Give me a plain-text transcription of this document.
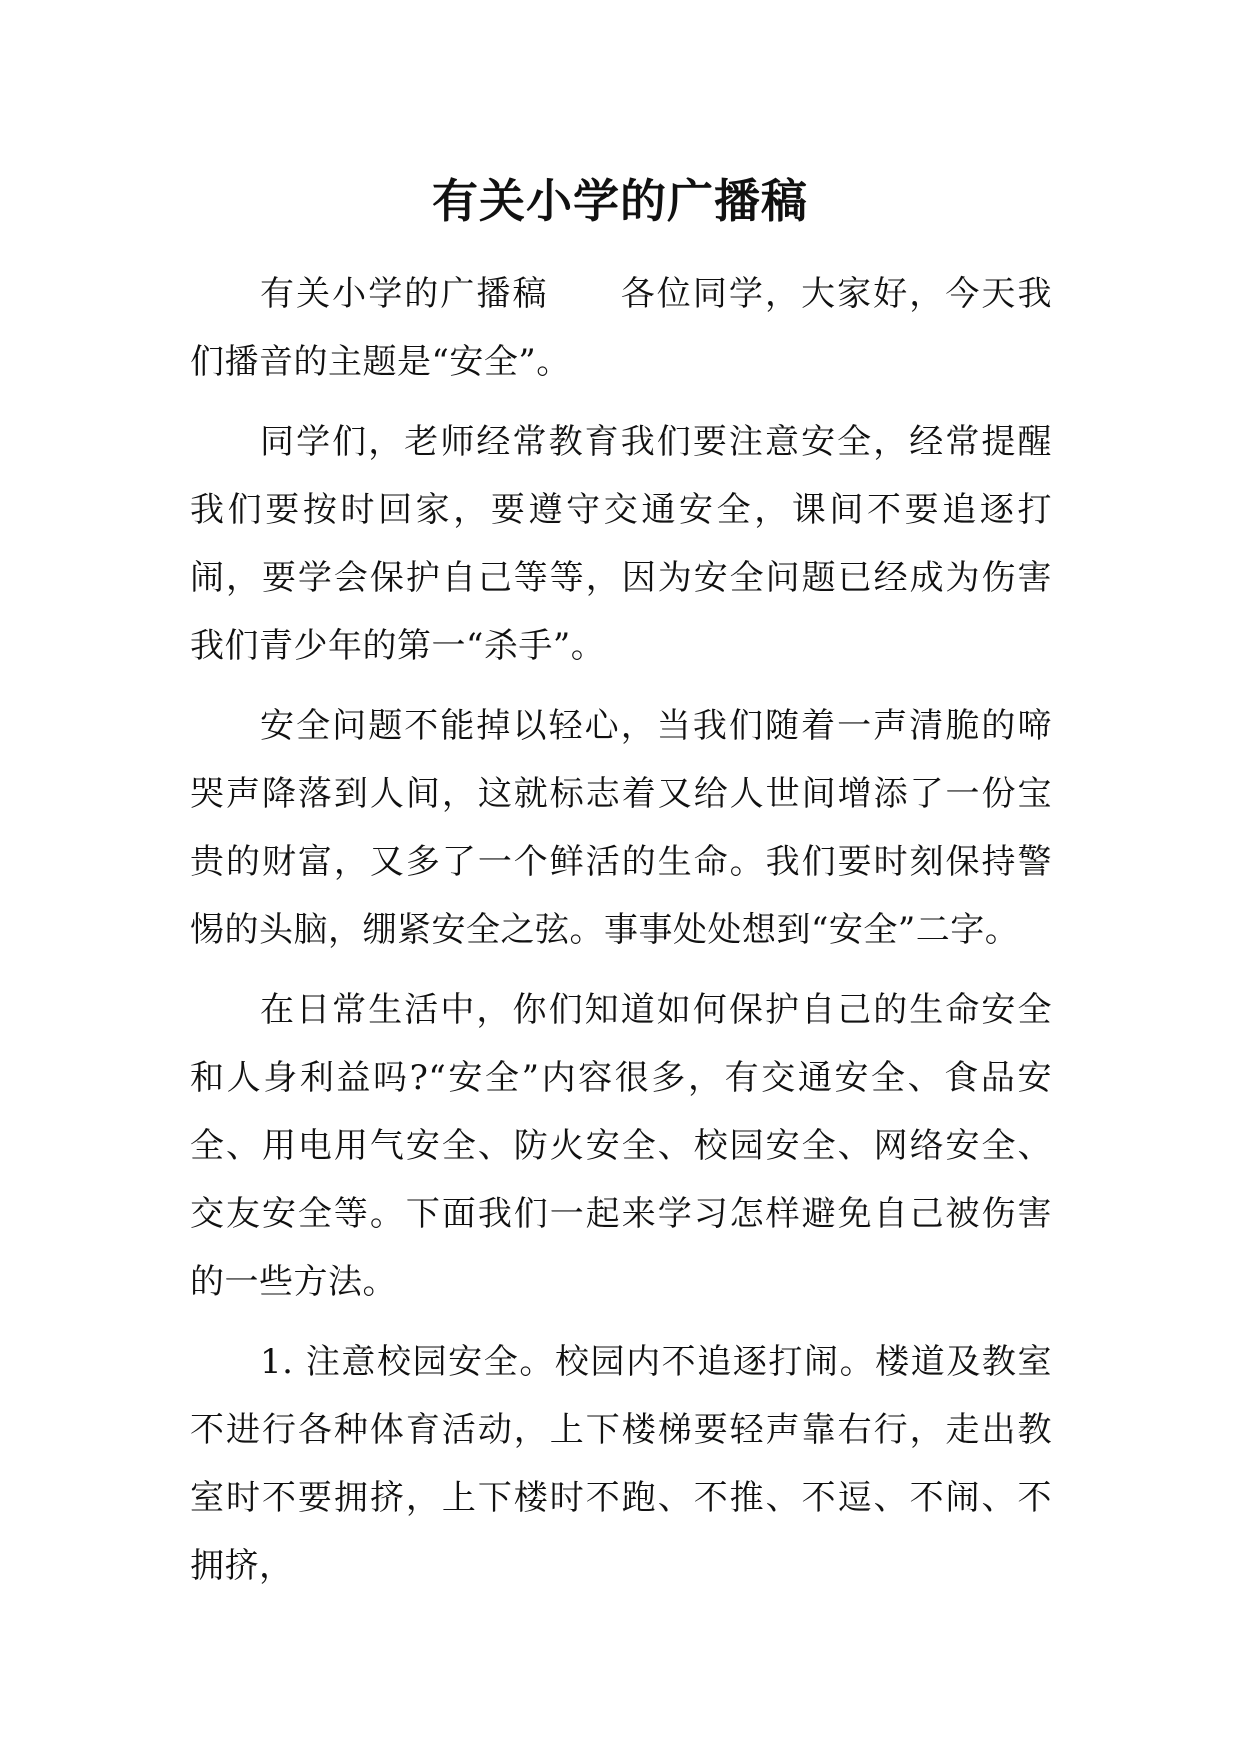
有关小学的广播稿

有关小学的广播稿　　各位同学，大家好，今天我们播音的主题是“安全”。

同学们，老师经常教育我们要注意安全，经常提醒我们要按时回家，要遵守交通安全，课间不要追逐打闹，要学会保护自己等等，因为安全问题已经成为伤害我们青少年的第一“杀手”。

安全问题不能掉以轻心，当我们随着一声清脆的啼哭声降落到人间，这就标志着又给人世间增添了一份宝贵的财富，又多了一个鲜活的生命。我们要时刻保持警惕的头脑，绷紧安全之弦。事事处处想到“安全”二字。

在日常生活中，你们知道如何保护自己的生命安全和人身利益吗?“安全”内容很多，有交通安全、食品安全、用电用气安全、防火安全、校园安全、网络安全、交友安全等。下面我们一起来学习怎样避免自己被伤害的一些方法。

1. 注意校园安全。校园内不追逐打闹。楼道及教室不进行各种体育活动，上下楼梯要轻声靠右行，走出教室时不要拥挤，上下楼时不跑、不推、不逗、不闹、不拥挤，
